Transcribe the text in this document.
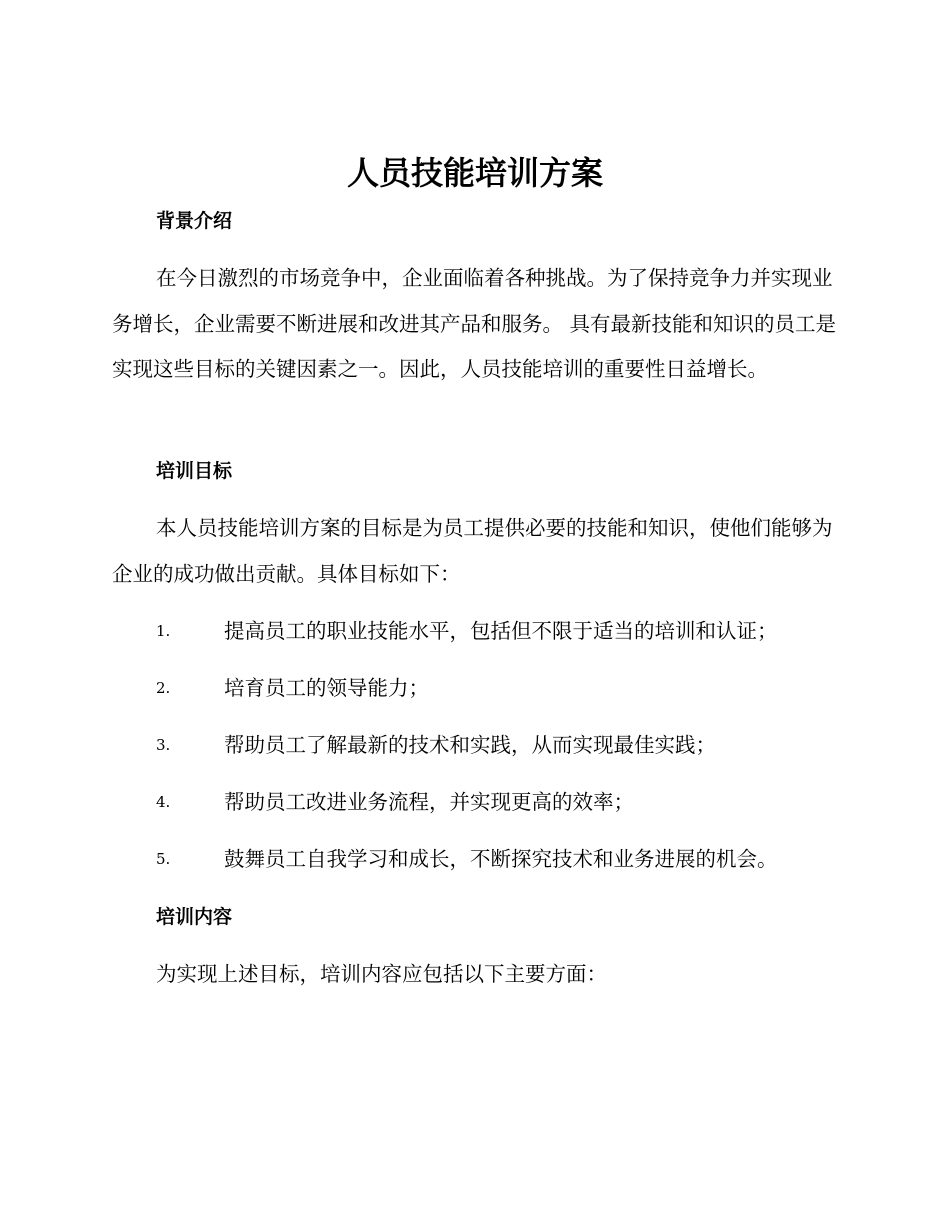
人员技能培训方案
背景介绍

在今日激烈的市场竞争中，企业面临着各种挑战。为了保持竞争力并实现业务增长，企业需要不断进展和改进其产品和服务。 具有最新技能和知识的员工是实现这些目标的关键因素之一。因此，人员技能培训的重要性日益增长。

培训目标

本人员技能培训方案的目标是为员工提供必要的技能和知识，使他们能够为企业的成功做出贡献。具体目标如下：

1.	提高员工的职业技能水平，包括但不限于适当的培训和认证；
2.	培育员工的领导能力；
3.	帮助员工了解最新的技术和实践，从而实现最佳实践；
4.	帮助员工改进业务流程，并实现更高的效率；
5.	鼓舞员工自我学习和成长，不断探究技术和业务进展的机会。
培训内容

为实现上述目标，培训内容应包括以下主要方面：
